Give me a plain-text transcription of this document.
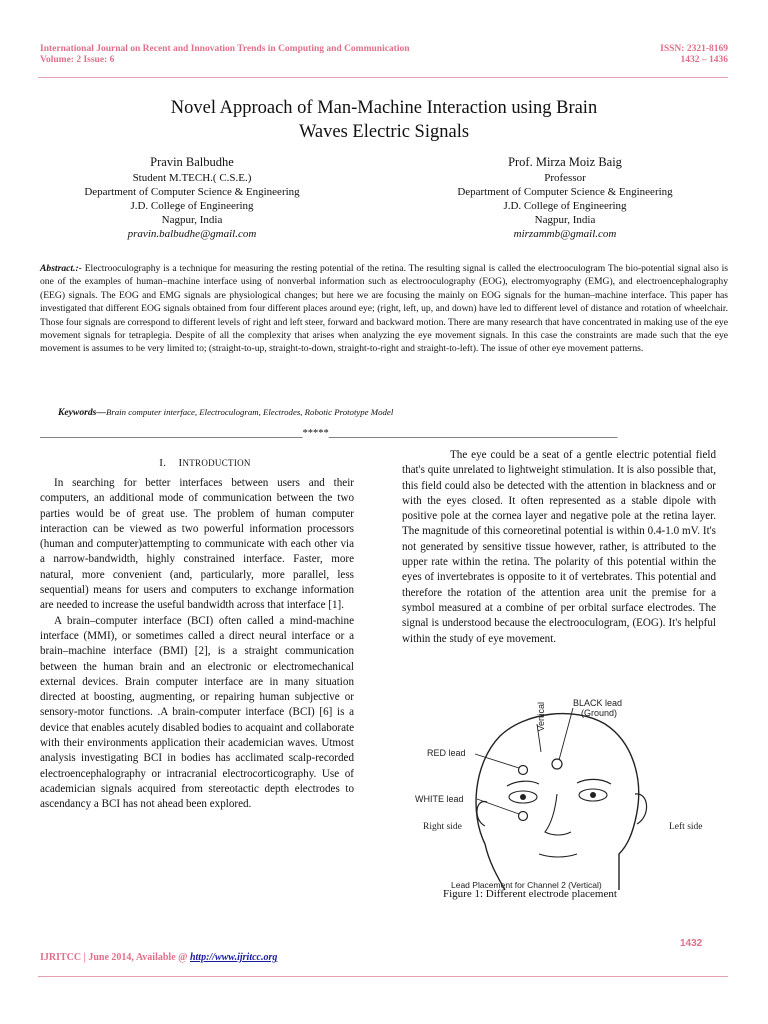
International Journal on Recent and Innovation Trends in Computing and Communication
Volume: 2 Issue: 6
ISSN: 2321-8169
1432 – 1436
Novel Approach of Man-Machine Interaction using Brain
Waves Electric Signals
Pravin Balbudhe
Student M.TECH.( C.S.E.)
Department of Computer Science & Engineering
J.D. College of Engineering
Nagpur, India
pravin.balbudhe@gmail.com
Prof. Mirza Moiz Baig
Professor
Department of Computer Science & Engineering
J.D. College of Engineering
Nagpur, India
mirzammb@gmail.com
Abstract.:- Electrooculography is a technique for measuring the resting potential of the retina. The resulting signal is called the electrooculogram The bio-potential signal also is one of the examples of human–machine interface using of nonverbal information such as electrooculography (EOG), electromyography (EMG), and electroencephalography (EEG) signals. The EOG and EMG signals are physiological changes; but here we are focusing the mainly on EOG signals for the human–machine interface. This paper has investigated that different EOG signals obtained from four different places around eye; (right, left, up, and down) have led to different level of distance and rotation of wheelchair. Those four signals are correspond to different levels of right and left steer, forward and backward motion. There are many research that have concentrated in making use of the eye movement signals for tetraplegia. Despite of all the complexity that arises when analyzing the eye movement signals. In this case the constraints are made such that the eye movement is assumes to be very limited to; (straight-to-up, straight-to-down, straight-to-right and straight-to-left). The issue of other eye movement patterns.
Keywords—Brain computer interface, Electroculogram, Electrodes, Robotic Prototype Model
__________________________________________________*****_______________________________________________________
I. INTRODUCTION

In searching for better interfaces between users and their computers, an additional mode of communication between the two parties would be of great use. The problem of human computer interaction can be viewed as two powerful information processors (human and computer)attempting to communicate with each other via a narrow-bandwidth, highly constrained interface. Faster, more natural, more convenient (and, particularly, more parallel, less sequential) means for users and computers to exchange information are needed to increase the useful bandwidth across that interface [1].

A brain–computer interface (BCI) often called a mind-machine interface (MMI), or sometimes called a direct neural interface or a brain–machine interface (BMI) [2], is a straight communication between the human brain and an electronic or electromechanical external devices. Brain computer interface are in many situation directed at boosting, augmenting, or repairing human subjective or sensory-motor functions. .A brain-computer interface (BCI) [6] is a device that enables acutely disabled bodies to acquaint and collaborate with their environments application their academician waves. Utmost analysis investigating BCI in bodies has acclimated scalp-recorded electroencephalography or intracranial electrocorticography. Use of academician signals acquired from stereotactic depth electrodes to ascendancy a BCI has not ahead been explored.

The eye could be a seat of a gentle electric potential field that's quite unrelated to lightweight stimulation. It is also possible that, this field could also be detected with the attention in blackness and or with the eyes closed. It often represented as a stable dipole with positive pole at the cornea layer and negative pole at the retina layer. The magnitude of this corneoretinal potential is within 0.4-1.0 mV. It's not generated by sensitive tissue however, rather, is attributed to the upper rate within the retina. The polarity of this potential within the eyes of invertebrates is opposite to it of vertebrates. This potential and therefore the rotation of the attention area unit the premise for a symbol measured at a combine of per orbital surface electrodes. The signal is understood because the electrooculogram, (EOG). It's helpful within the study of eye movement.

Vertical	BLACK lead
(Ground)
RED lead
WHITE lead
Right side	Left side
Lead Placement for Channel 2 (Vertical)
Figure 1: Different electrode placement
1432
IJRITCC | June 2014, Available @ http://www.ijritcc.org
